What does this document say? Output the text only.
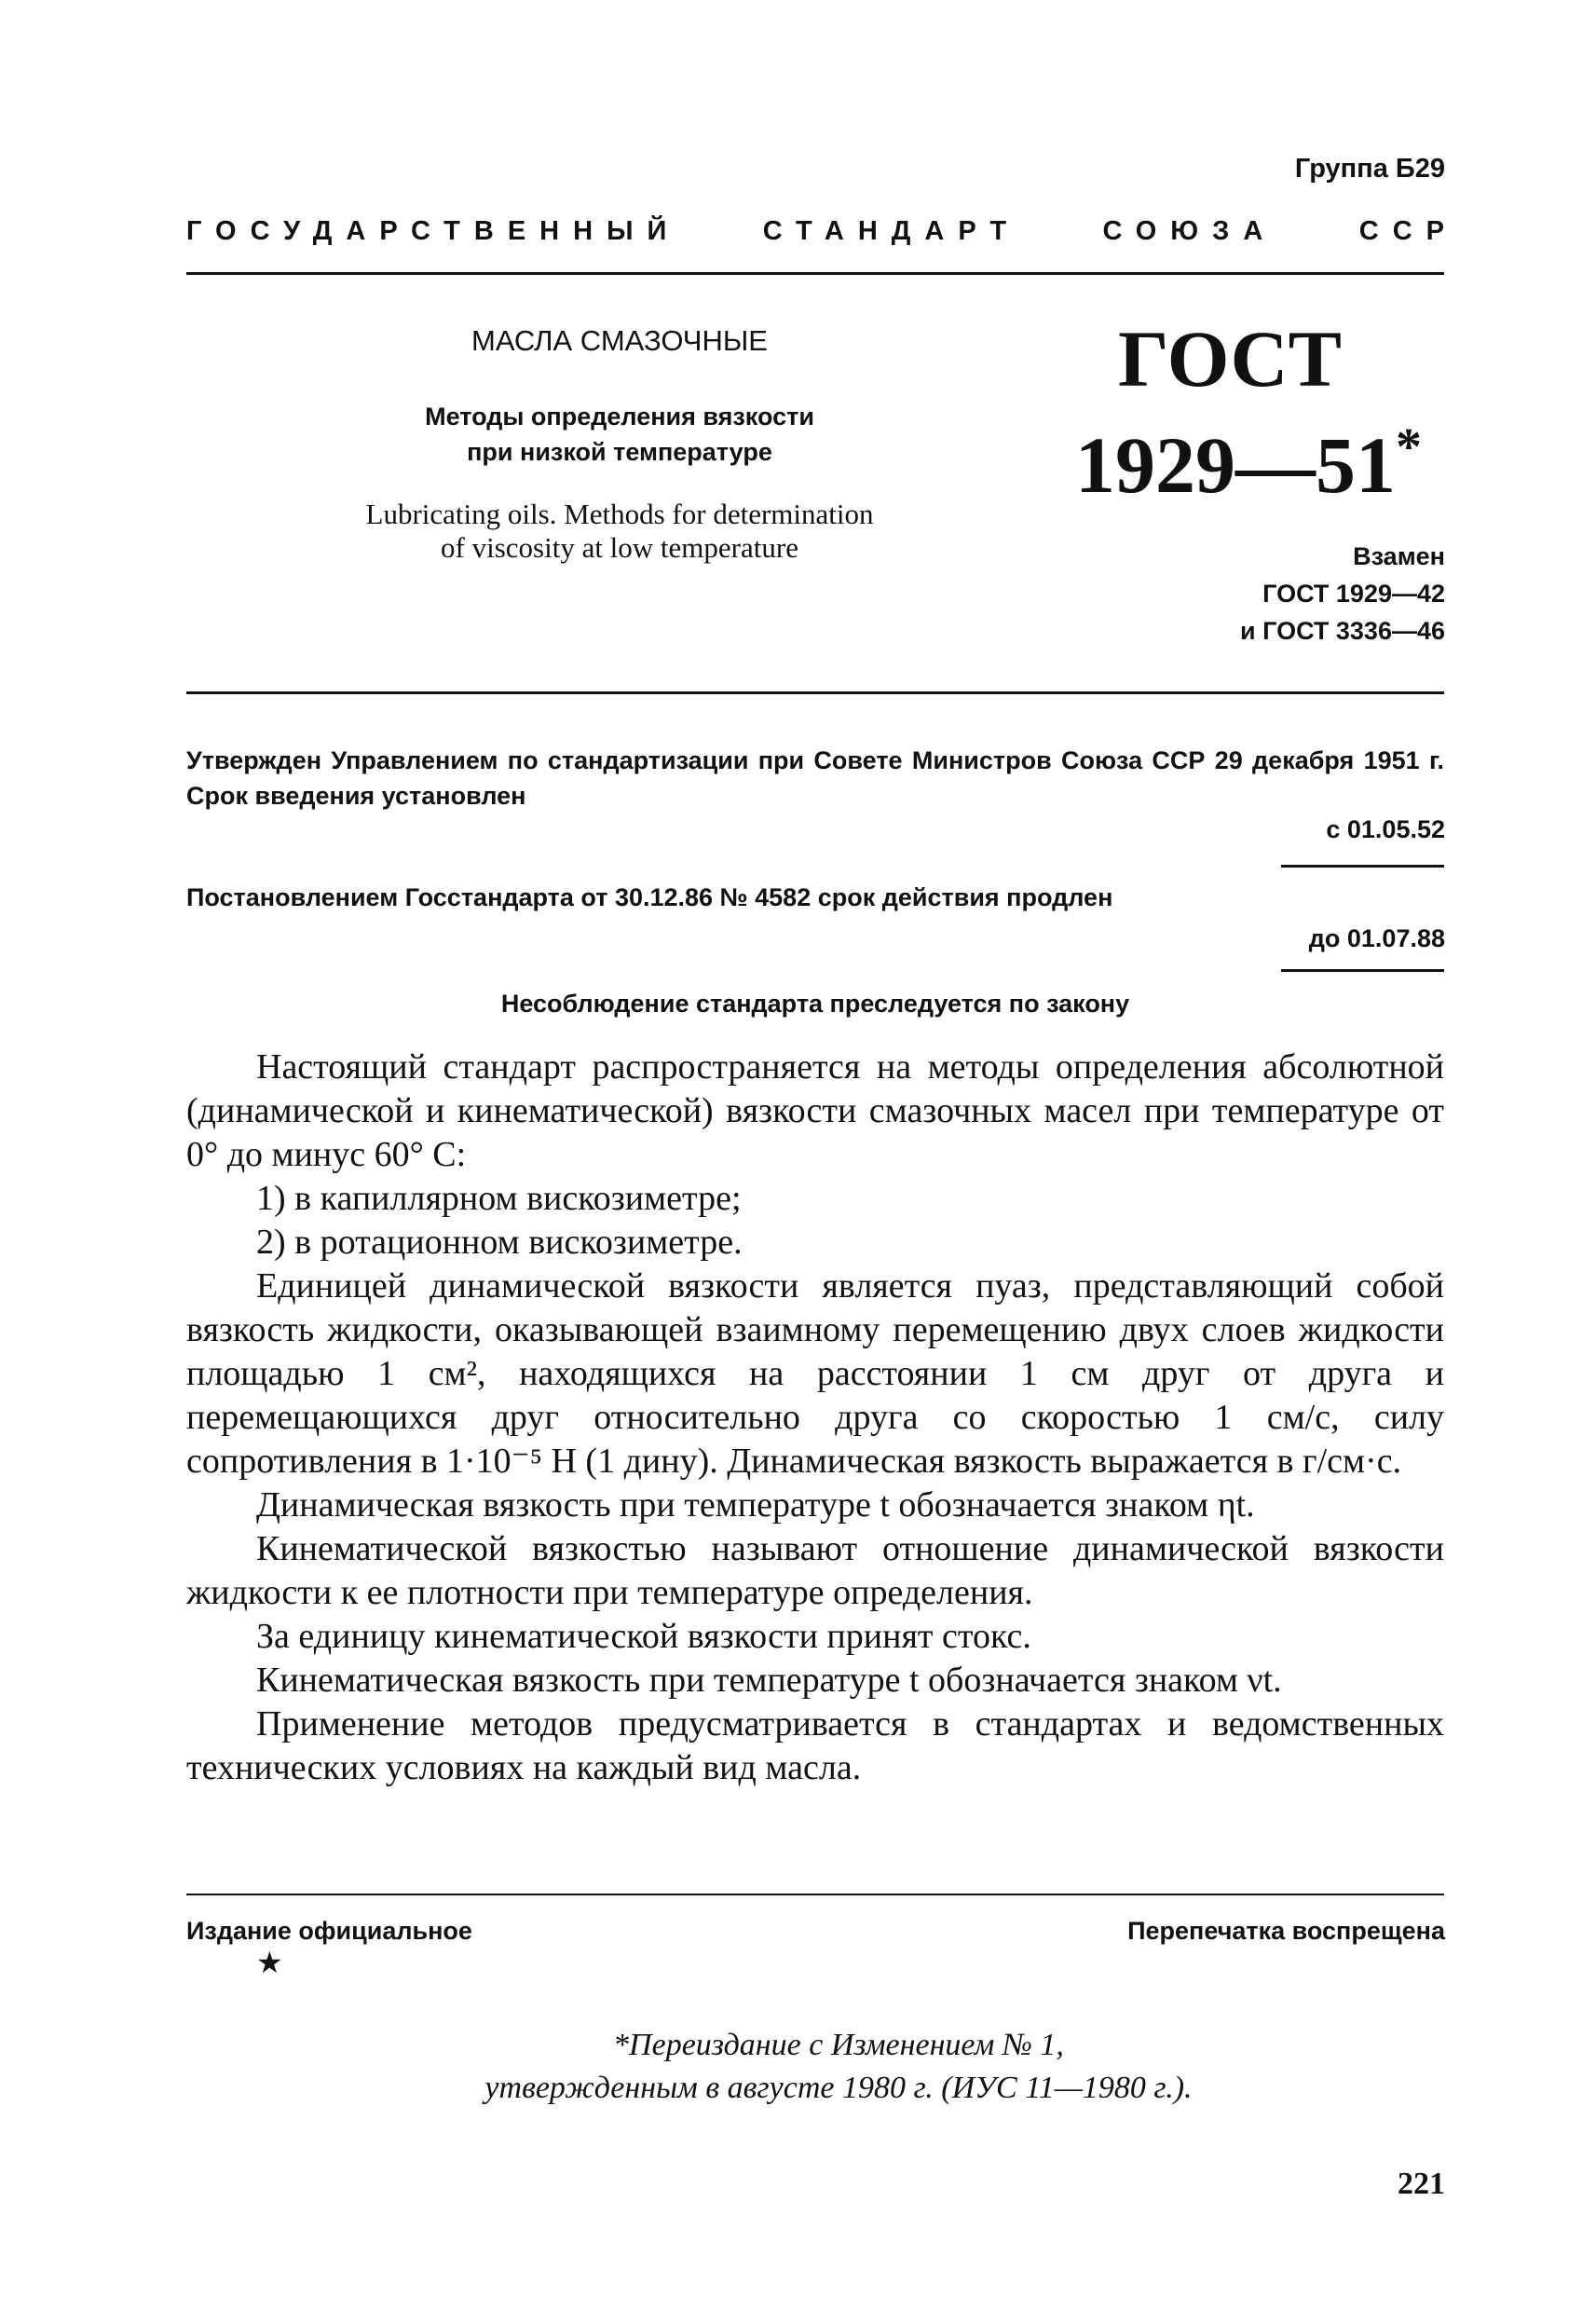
Группа Б29
ГОСУДАРСТВЕННЫЙ	СТАНДАРТ	СОЮЗА	ССР
МАСЛА СМАЗОЧНЫЕ
Методы определения вязкости
при низкой температуре
Lubricating oils. Methods for determination
of viscosity at low temperature
ГОСТ
1929—51*
Взамен
ГОСТ 1929—42
и ГОСТ 3336—46
Утвержден Управлением по стандартизации при Совете Министров Союза ССР 29 декабря 1951 г. Срок введения установлен
с 01.05.52
Постановлением Госстандарта от 30.12.86 № 4582 срок действия продлен
до 01.07.88
Несоблюдение стандарта преследуется по закону

Настоящий стандарт распространяется на методы определения абсолютной (динамической и кинематической) вязкости смазочных масел при температуре от 0° до минус 60° С:

1) в капиллярном вискозиметре;

2) в ротационном вискозиметре.

Единицей динамической вязкости является пуаз, представляющий собой вязкость жидкости, оказывающей взаимному перемещению двух слоев жидкости площадью 1 см², находящихся на расстоянии 1 см друг от друга и перемещающихся друг относительно друга со скоростью 1 см/с, силу сопротивления в 1·10⁻⁵ Н (1 дину). Динамическая вязкость выражается в г/см·с.

Динамическая вязкость при температуре t обозначается знаком ηt.

Кинематической вязкостью называют отношение динамической вязкости жидкости к ее плотности при температуре определения.

За единицу кинематической вязкости принят стокс.

Кинематическая вязкость при температуре t обозначается знаком νt.

Применение методов предусматривается в стандартах и ведомственных технических условиях на каждый вид масла.

Издание официальное	Перепечатка воспрещена
★
*Переиздание с Изменением № 1,
утвержденным в августе 1980 г. (ИУС 11—1980 г.).
221
